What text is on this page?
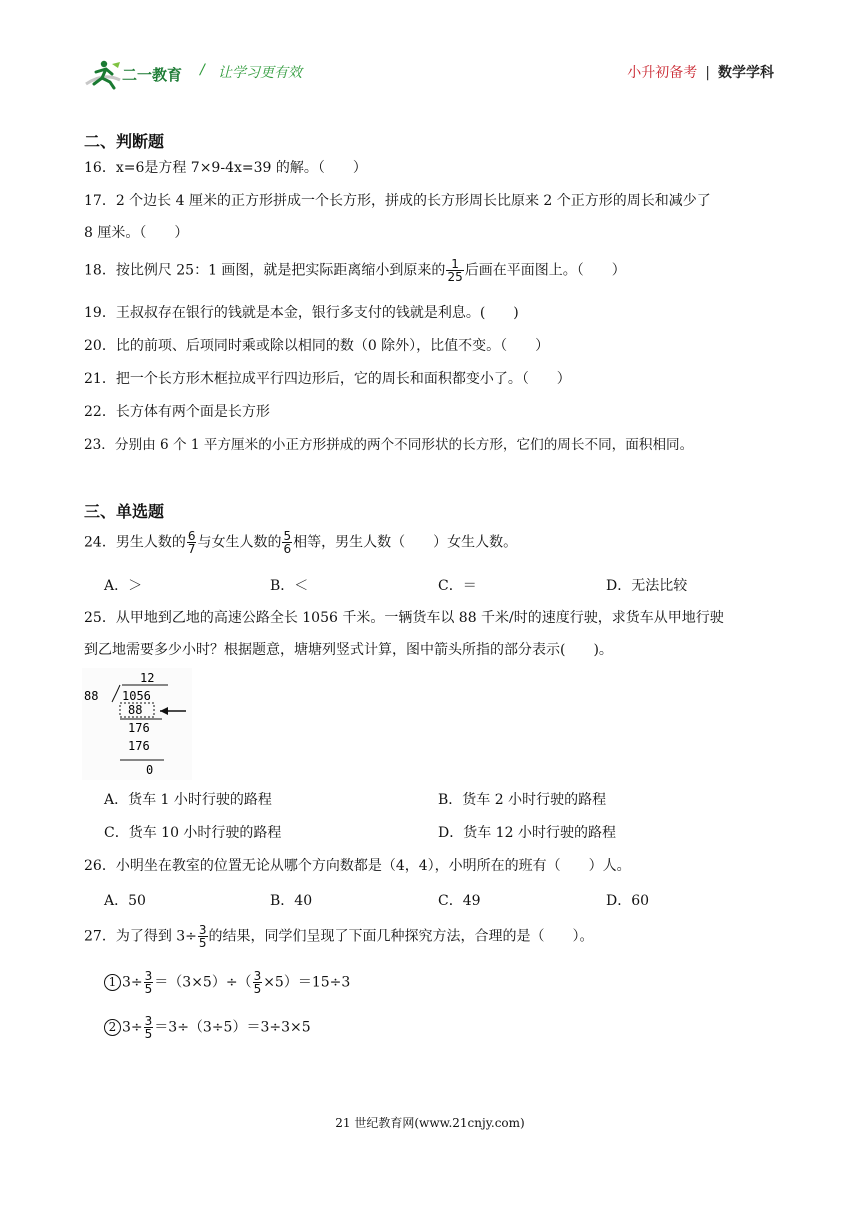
二一教育 / 让学习更有效	小升初备考 | 数学学科
二、判断题
16．x=6是方程 7×9-4x=39 的解。（　　）
17．2 个边长 4 厘米的正方形拼成一个长方形，拼成的长方形周长比原来 2 个正方形的周长和减少了
8 厘米。（　　）
18．按比例尺 25：1 画图，就是把实际距离缩小到原来的 $\frac{1}{25}$ 后画在平面图上。（　　）
19．王叔叔存在银行的钱就是本金，银行多支付的钱就是利息。(　　)
20．比的前项、后项同时乘或除以相同的数（0 除外），比值不变。（　　）
21．把一个长方形木框拉成平行四边形后，它的周长和面积都变小了。（　　）
22．长方体有两个面是长方形
23．分别由 6 个 1 平方厘米的小正方形拼成的两个不同形状的长方形，它们的周长不同，面积相同。
三、单选题
24．男生人数的 $\frac{6}{7}$ 与女生人数的 $\frac{5}{6}$ 相等，男生人数（　　）女生人数。
A．＞	B．＜	C．＝	D．无法比较
25．从甲地到乙地的高速公路全长 1056 千米。一辆货车以 88 千米/时的速度行驶，求货车从甲地行驶
到乙地需要多少小时？根据题意，塘塘列竖式计算，图中箭头所指的部分表示(　　)。
12
88 1056
88
176
176
0
A．货车 1 小时行驶的路程	B．货车 2 小时行驶的路程
C．货车 10 小时行驶的路程	D．货车 12 小时行驶的路程
26．小明坐在教室的位置无论从哪个方向数都是（4，4），小明所在的班有（　　）人。
A．50	B．40	C．49	D．60
27．为了得到 $3\div \frac{3}{5}$ 的结果，同学们呈现了下面几种探究方法，合理的是（　　）。
1 $3\div \frac{3}{5} =(3\times 5)\div( \frac{3}{5} \times 5)=15\div 3$
2 $3\div \frac{3}{5} =3\div(3\div 5)=3\div 3\times 5$
21 世纪教育网(www.21cnjy.com)
